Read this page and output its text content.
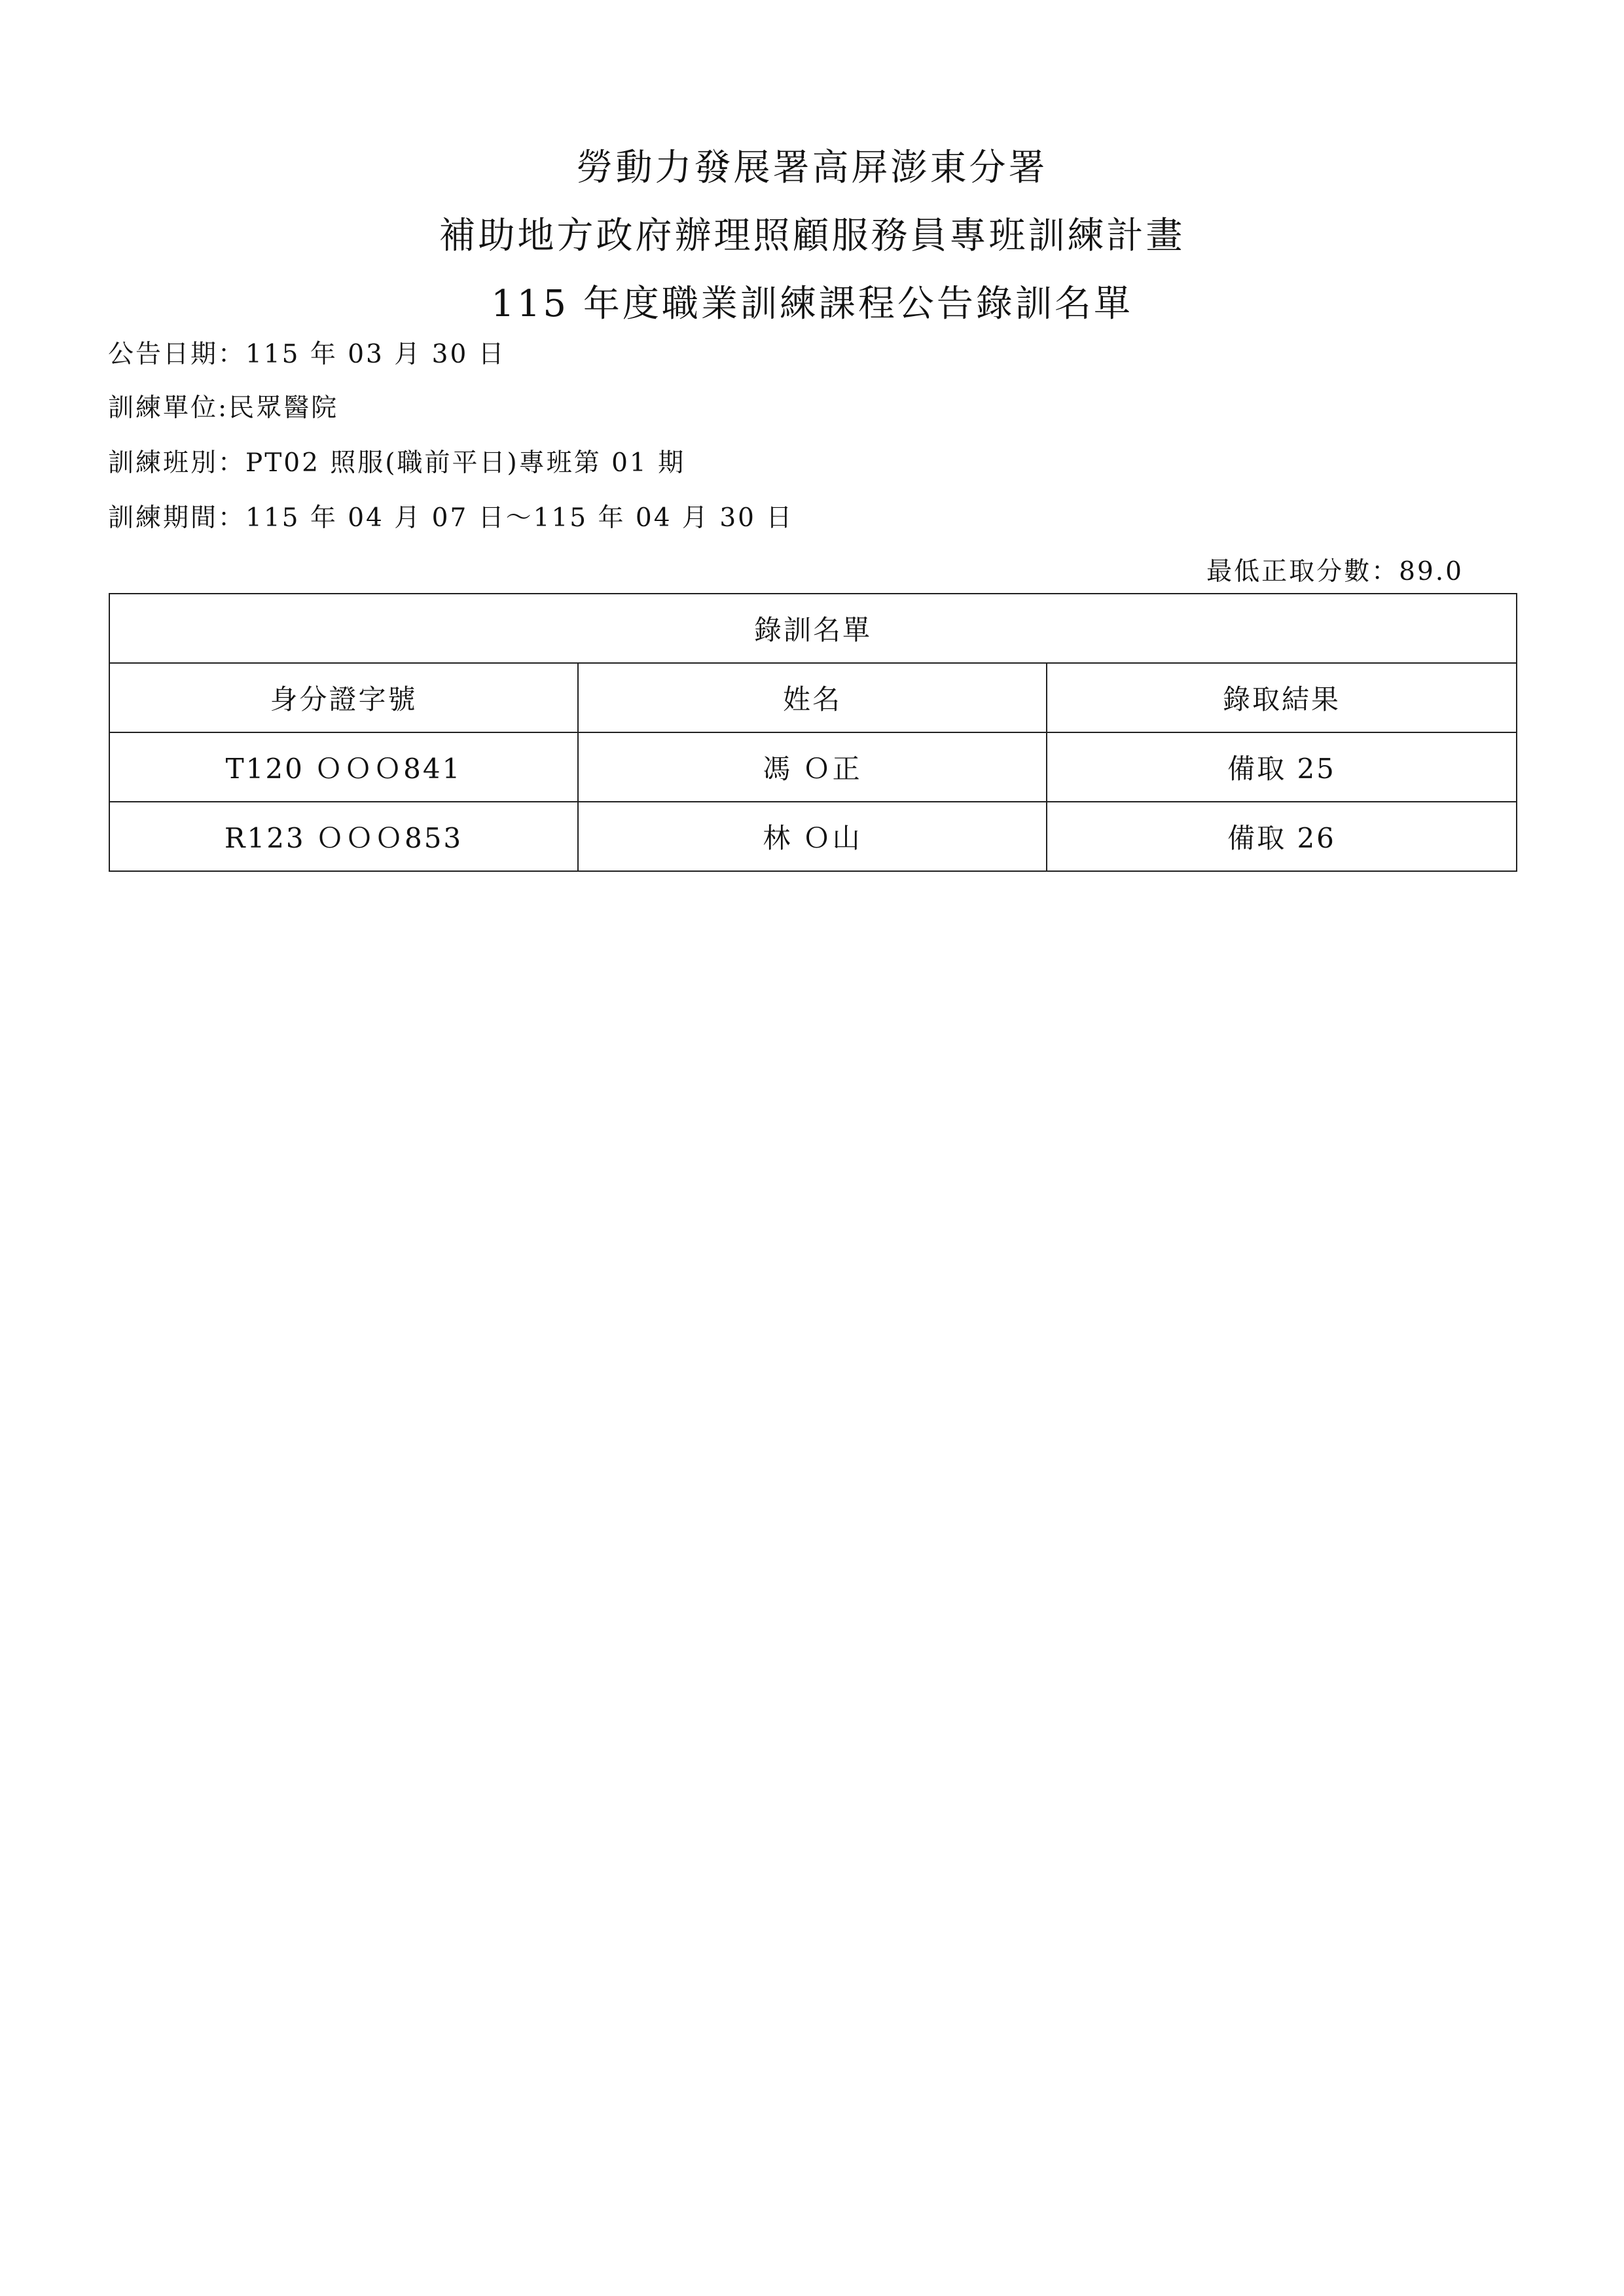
勞動力發展署高屏澎東分署
補助地方政府辦理照顧服務員專班訓練計畫
115 年度職業訓練課程公告錄訓名單
公告日期：115 年 03 月 30 日
訓練單位:民眾醫院
訓練班別：PT02 照服(職前平日)專班第 01 期
訓練期間：115 年 04 月 07 日～115 年 04 月 30 日
最低正取分數：89.0
錄訓名單		
身分證字號	姓名	錄取結果
T120 ＯＯＯ841	馮 Ｏ正	備取 25
R123 ＯＯＯ853	林 Ｏ山	備取 26
